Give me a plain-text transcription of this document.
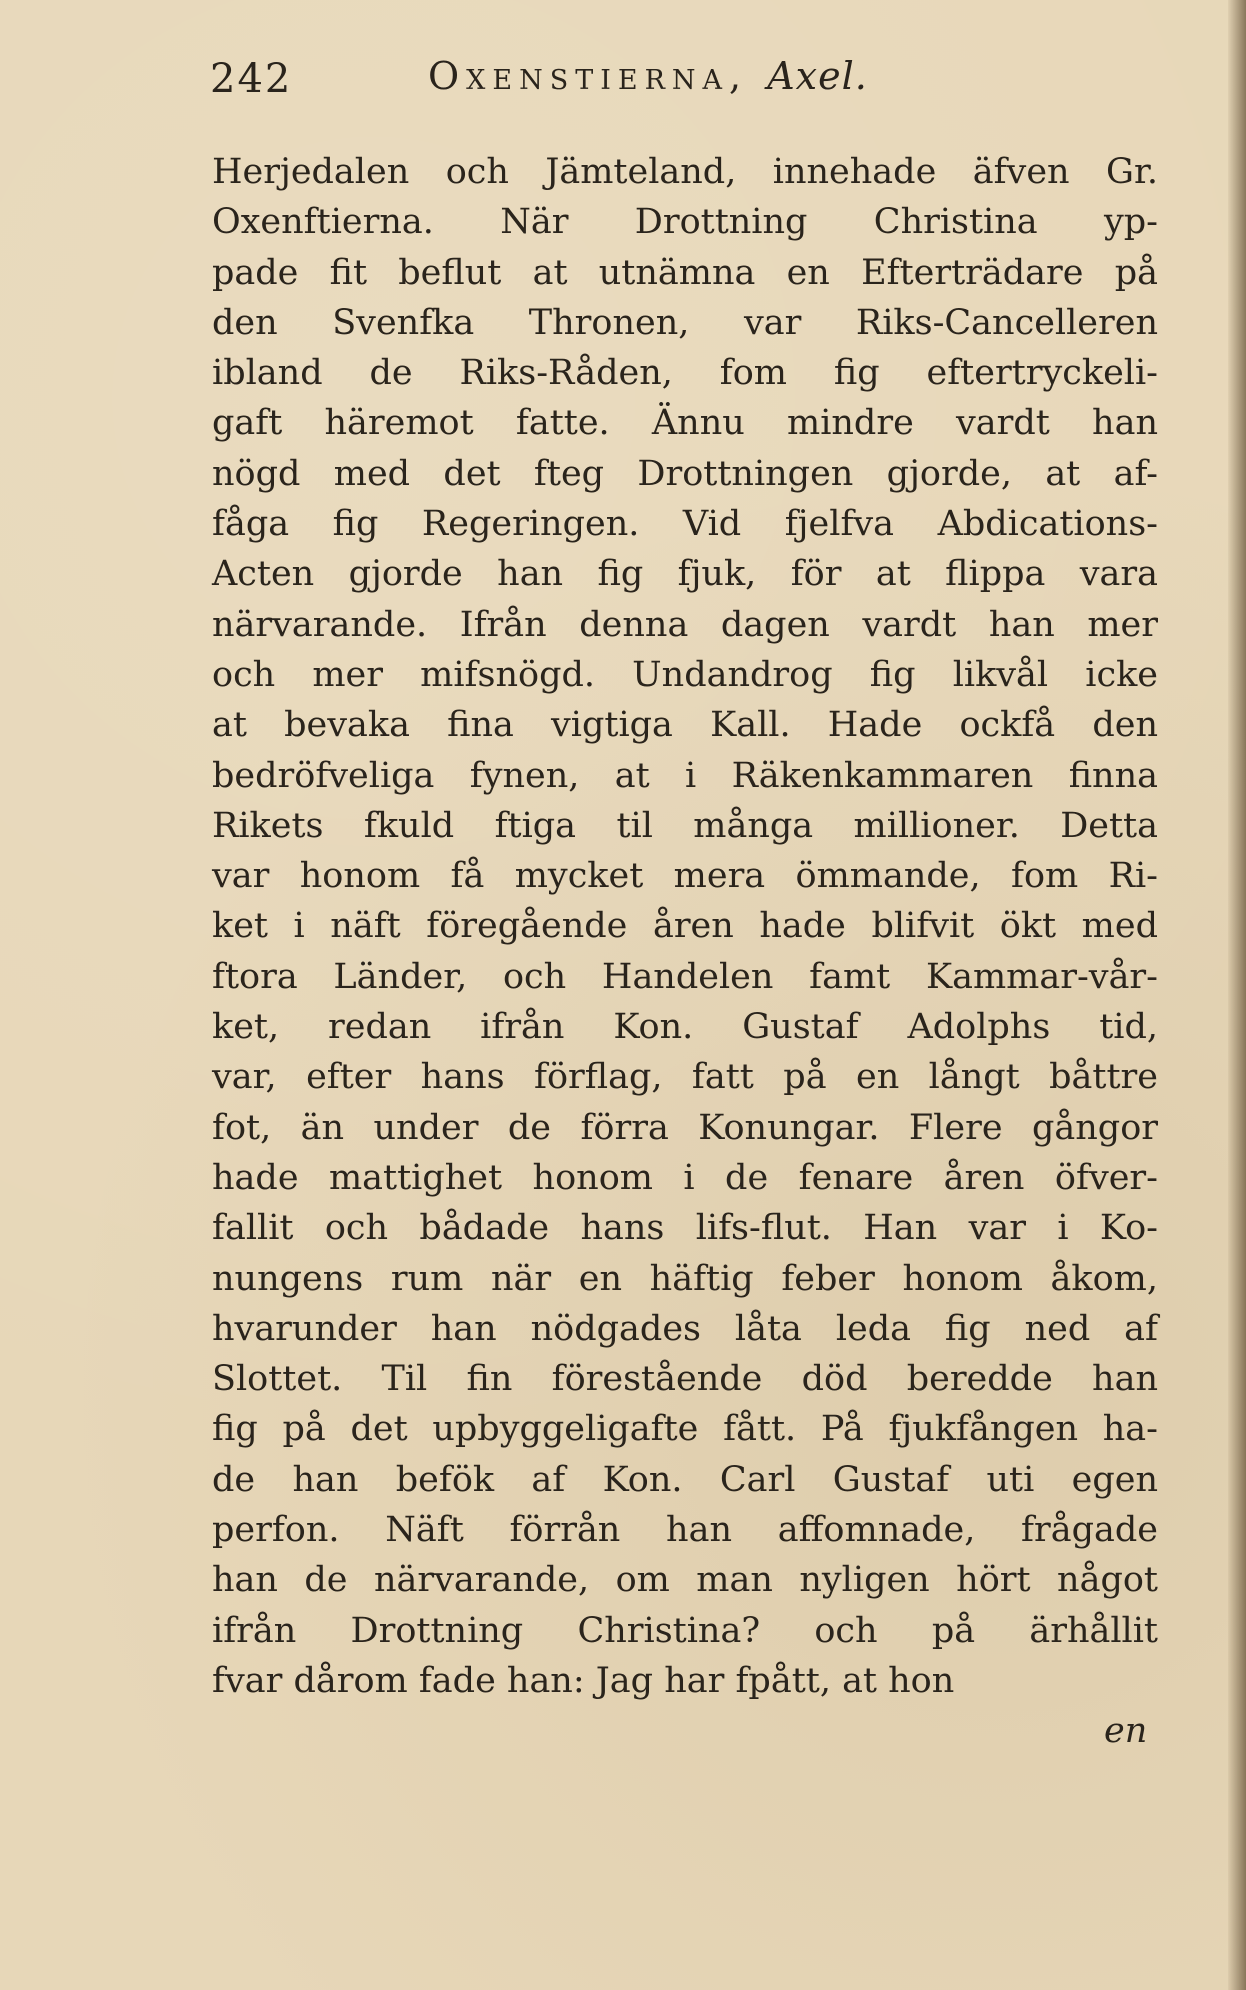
242	Oxenstierna, Axel.
Herjedalen och Jämteland, innehade äfven Gr.
Oxenftierna. När Drottning Christina yp-
pade fit beflut at utnämna en Efterträdare på
den Svenfka Thronen, var Riks-Cancelleren
ibland de Riks-Råden, fom fig eftertryckeli-
gaft häremot fatte. Ännu mindre vardt han
nögd med det fteg Drottningen gjorde, at af-
fåga fig Regeringen. Vid fjelfva Abdications-
Acten gjorde han fig fjuk, för at flippa vara
närvarande. Ifrån denna dagen vardt han mer
och mer mifsnögd. Undandrog fig likvål icke
at bevaka fina vigtiga Kall. Hade ockfå den
bedröfveliga fynen, at i Räkenkammaren finna
Rikets fkuld ftiga til många millioner. Detta
var honom få mycket mera ömmande, fom Ri-
ket i näft föregående åren hade blifvit ökt med
ftora Länder, och Handelen famt Kammar-vår-
ket, redan ifrån Kon. Gustaf Adolphs tid,
var, efter hans förflag, fatt på en långt båttre
fot, än under de förra Konungar. Flere gångor
hade mattighet honom i de fenare åren öfver-
fallit och bådade hans lifs-flut. Han var i Ko-
nungens rum när en häftig feber honom åkom,
hvarunder han nödgades låta leda fig ned af
Slottet. Til fin förestående död beredde han
fig på det upbyggeligafte fått. På fjukfången ha-
de han befök af Kon. Carl Gustaf uti egen
perfon. Näft förrån han affomnade, frågade
han de närvarande, om man nyligen hört något
ifrån Drottning Christina? och på ärhållit
fvar dårom fade han: Jag har fpått, at hon
en
